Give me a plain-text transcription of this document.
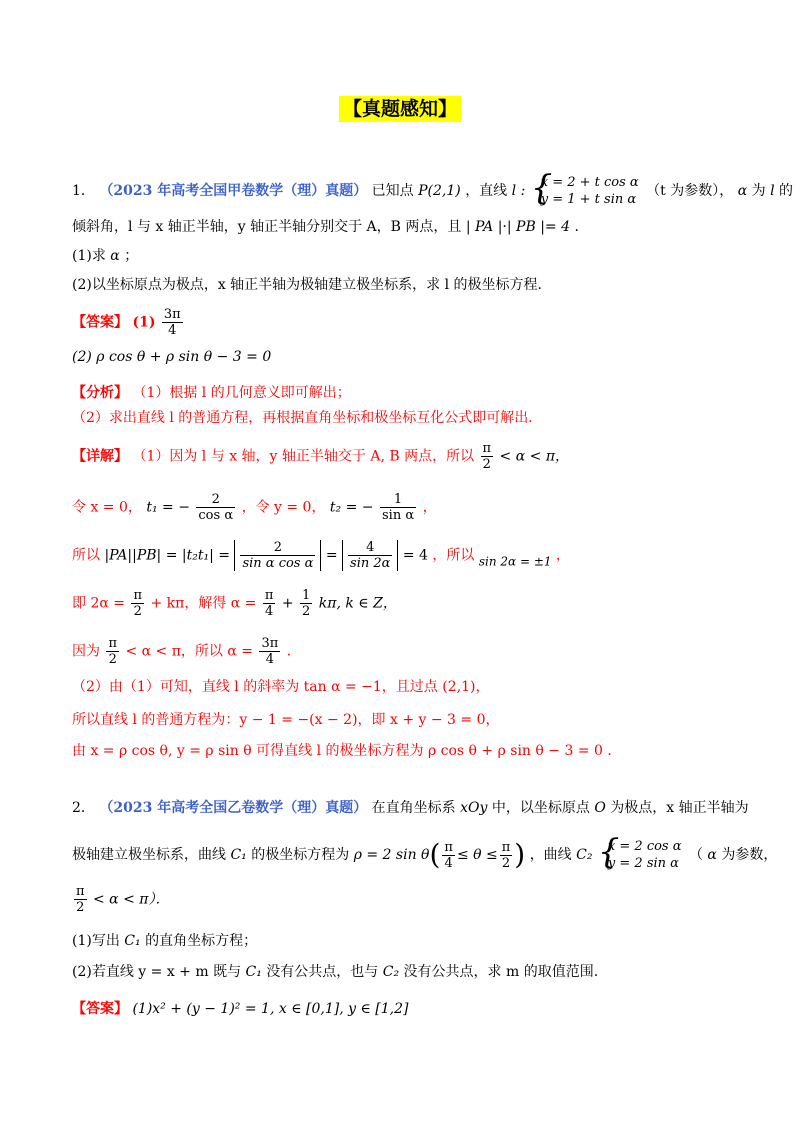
【真题感知】
1． （2023 年高考全国甲卷数学（理）真题） 已知点 P(2,1) ，直线 l :
{ x = 2 + t cos α
y = 1 + t sin α
（t 为参数）， α 为 l 的
倾斜角，l 与 x 轴正半轴，y 轴正半轴分别交于 A，B 两点，且 | PA |·| PB |= 4 .
(1)求 α ；
(2)以坐标原点为极点，x 轴正半轴为极轴建立极坐标系，求 l 的极坐标方程.
【答案】 $(1) \frac{3\pi}{4}$
(2) ρ cos θ + ρ sin θ − 3 = 0
【分析】 （1）根据 l 的几何意义即可解出；
（2）求出直线 l 的普通方程，再根据直角坐标和极坐标互化公式即可解出．
【详解】 （1）因为 l 与 x 轴，y 轴正半轴交于 A, B 两点，所以 $\frac{\pi}{2} < \alpha < \pi$，
令 x = 0， t₁ = − $\frac{2}{\text{cos α}}$ ，令 y = 0， t₂ = − $\frac{1}{\text{sin α}}$ ，
所以 $|PA||PB| = |t_2t_1| = \frac{2}{\text{sin α cos α}} = \frac{4}{\sin 2\alpha} = 4$ ，所以 sin 2α = ±1 ，
即 $2\alpha = \frac{\pi}{2} + k\pi$，解得 $\alpha = \frac{\pi}{4} + \frac{1}{2} k\pi$, k ∈ Z，
因为 $\frac{\pi}{2} < \alpha < \pi$，所以 $\alpha = \frac{3\pi}{4}$ ．
（2）由（1）可知，直线 l 的斜率为 tan α = −1，且过点 (2,1)，
所以直线 l 的普通方程为：y − 1 = −(x − 2)，即 x + y − 3 = 0，
由 x = ρ cos θ, y = ρ sin θ 可得直线 l 的极坐标方程为 ρ cos θ + ρ sin θ − 3 = 0 ．
2． （2023 年高考全国乙卷数学（理）真题） 在直角坐标系 xOy 中，以坐标原点 O 为极点，x 轴正半轴为
极轴建立极坐标系，曲线 C₁ 的极坐标方程为 ρ = 2 $\sin \theta( \frac{\pi}{4} \le \theta \le \frac{\pi}{2}$ ) ，曲线 C₂
{ x = 2 cos α
y = 2 sin α
（ α 为参数，
$\frac{\pi}{2} < \alpha < \pi$）．
(1)写出 C₁ 的直角坐标方程；
(2)若直线 y = x + m 既与 C₁ 没有公共点，也与 C₂ 没有公共点，求 m 的取值范围.
【答案】 (1)x² + (y − 1)² = 1, x ∈ [0,1], y ∈ [1,2]
